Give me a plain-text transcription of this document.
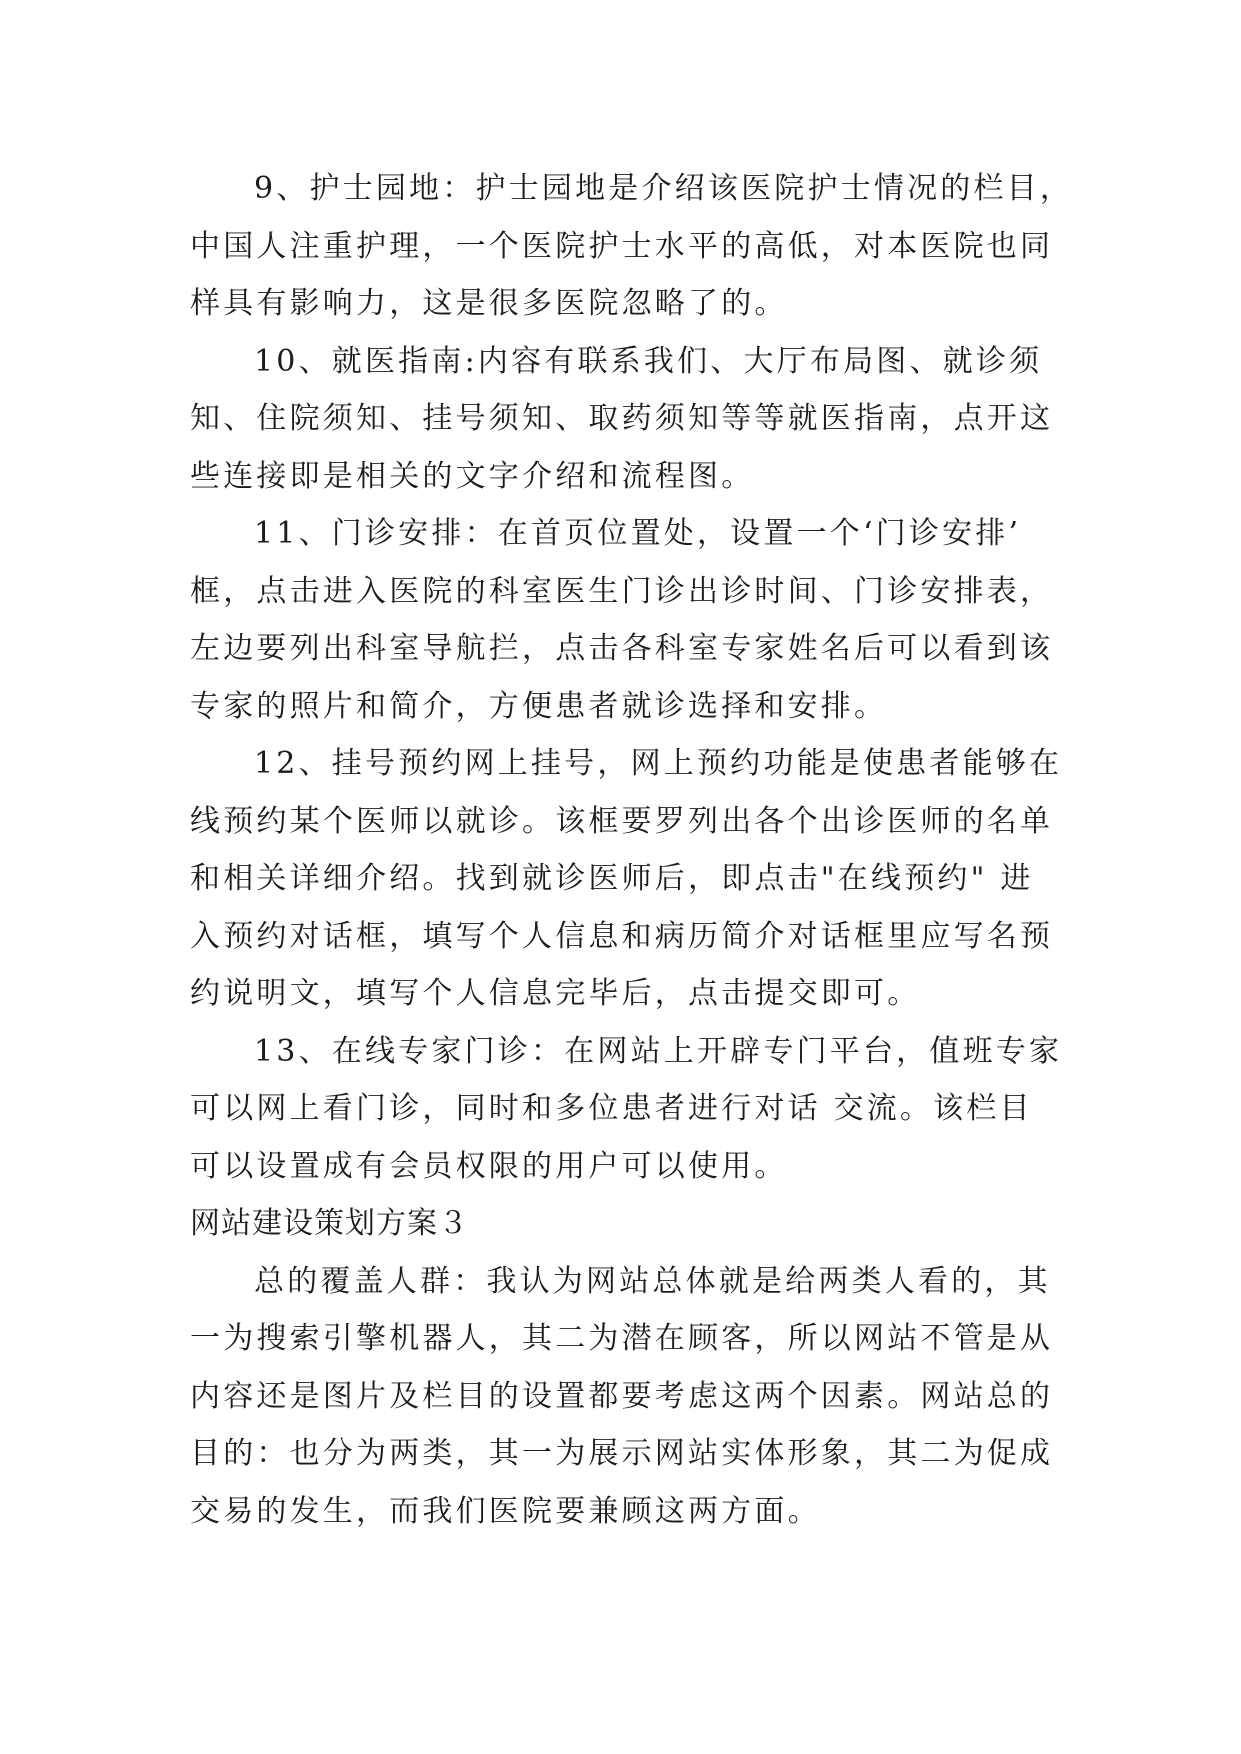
9、护士园地：护士园地是介绍该医院护士情况的栏目，
中国人注重护理，一个医院护士水平的高低，对本医院也同
样具有影响力，这是很多医院忽略了的。
10、就医指南:内容有联系我们、大厅布局图、就诊须
知、住院须知、挂号须知、取药须知等等就医指南，点开这
些连接即是相关的文字介绍和流程图。
11、门诊安排：在首页位置处，设置一个‘门诊安排’
框，点击进入医院的科室医生门诊出诊时间、门诊安排表，
左边要列出科室导航拦，点击各科室专家姓名后可以看到该
专家的照片和简介，方便患者就诊选择和安排。
12、挂号预约网上挂号，网上预约功能是使患者能够在
线预约某个医师以就诊。该框要罗列出各个出诊医师的名单
和相关详细介绍。找到就诊医师后，即点击"在线预约" 进
入预约对话框，填写个人信息和病历简介对话框里应写名预
约说明文，填写个人信息完毕后，点击提交即可。
13、在线专家门诊：在网站上开辟专门平台，值班专家
可以网上看门诊，同时和多位患者进行对话 交流。该栏目
可以设置成有会员权限的用户可以使用。
网站建设策划方案３
总的覆盖人群：我认为网站总体就是给两类人看的，其
一为搜索引擎机器人，其二为潜在顾客，所以网站不管是从
内容还是图片及栏目的设置都要考虑这两个因素。网站总的
目的：也分为两类，其一为展示网站实体形象，其二为促成
交易的发生，而我们医院要兼顾这两方面。
